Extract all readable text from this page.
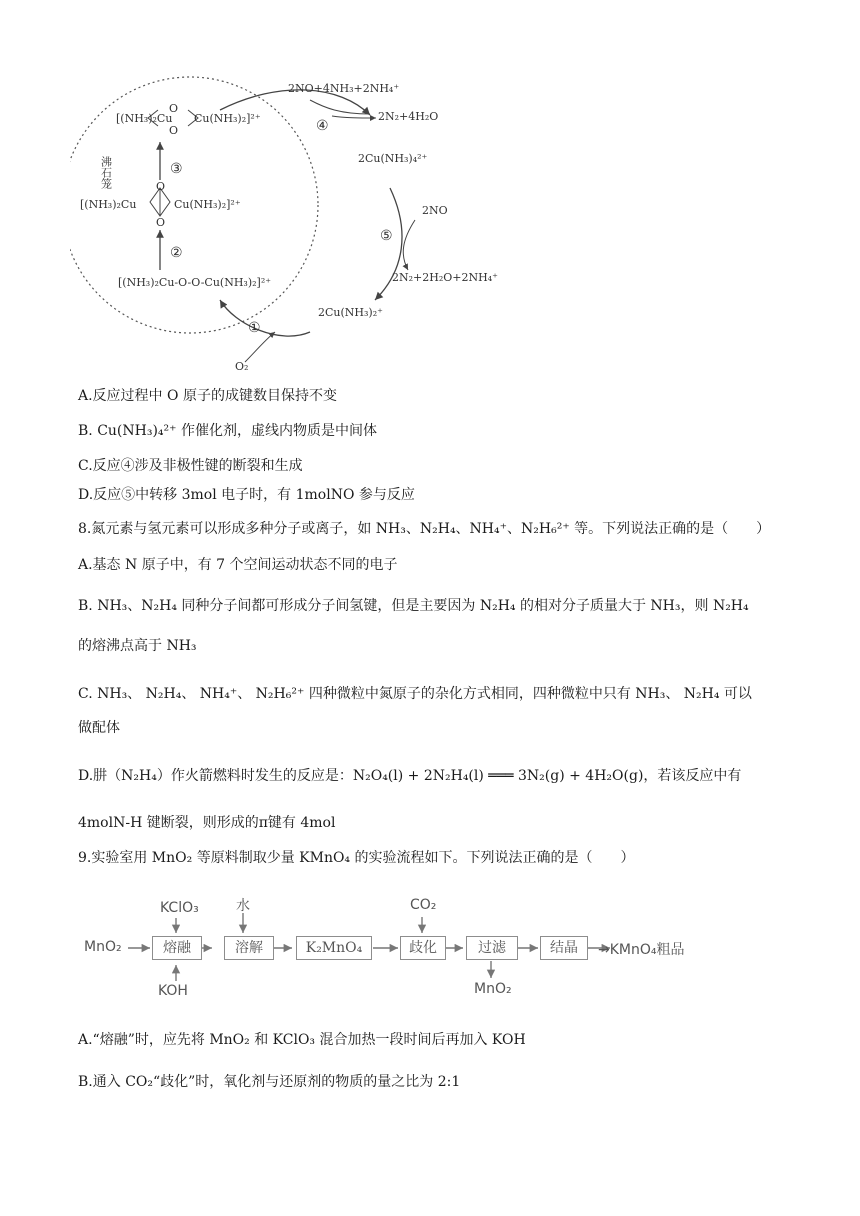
2NO+4NH₃+2NH₄⁺
2N₂+4H₂O
2Cu(NH₃)₄²⁺
2NO
2N₂+2H₂O+2NH₄⁺
2Cu(NH₃)₂⁺
O₂
[(NH₃)₂Cu-O-O-Cu(NH₃)₂]²⁺
[(NH₃)₂Cu	Cu(NH₃)₂]²⁺
O
O
[(NH₃)₂Cu Cu(NH₃)₂]²⁺
O
O
沸石笼
①
②
③
④
⑤
A.反应过程中 O 原子的成键数目保持不变
B. Cu(NH₃)₄²⁺ 作催化剂，虚线内物质是中间体
C.反应④涉及非极性键的断裂和生成
D.反应⑤中转移 3mol 电子时，有 1molNO 参与反应
8.氮元素与氢元素可以形成多种分子或离子，如 NH₃、N₂H₄、NH₄⁺、N₂H₆²⁺ 等。下列说法正确的是（　　）
A.基态 N 原子中，有 7 个空间运动状态不同的电子
B. NH₃、N₂H₄ 同种分子间都可形成分子间氢键，但是主要因为 N₂H₄ 的相对分子质量大于 NH₃，则 N₂H₄
的熔沸点高于 NH₃
C. NH₃、 N₂H₄、 NH₄⁺、 N₂H₆²⁺ 四种微粒中氮原子的杂化方式相同，四种微粒中只有 NH₃、 N₂H₄ 可以
做配体
D.肼（N₂H₄）作火箭燃料时发生的反应是：N₂O₄(l) + 2N₂H₄(l) ═══ 3N₂(g) + 4H₂O(g)，若该反应中有
4molN-H 键断裂，则形成的π键有 4mol
9.实验室用 MnO₂ 等原料制取少量 KMnO₄ 的实验流程如下。下列说法正确的是（　　）
MnO₂
KClO₃
KOH
水	CO₂
MnO₂
熔融	溶解	K₂MnO₄	歧化	过滤	结晶	→KMnO₄粗品
A.“熔融”时，应先将 MnO₂ 和 KClO₃ 混合加热一段时间后再加入 KOH
B.通入 CO₂“歧化”时，氧化剂与还原剂的物质的量之比为 2:1
